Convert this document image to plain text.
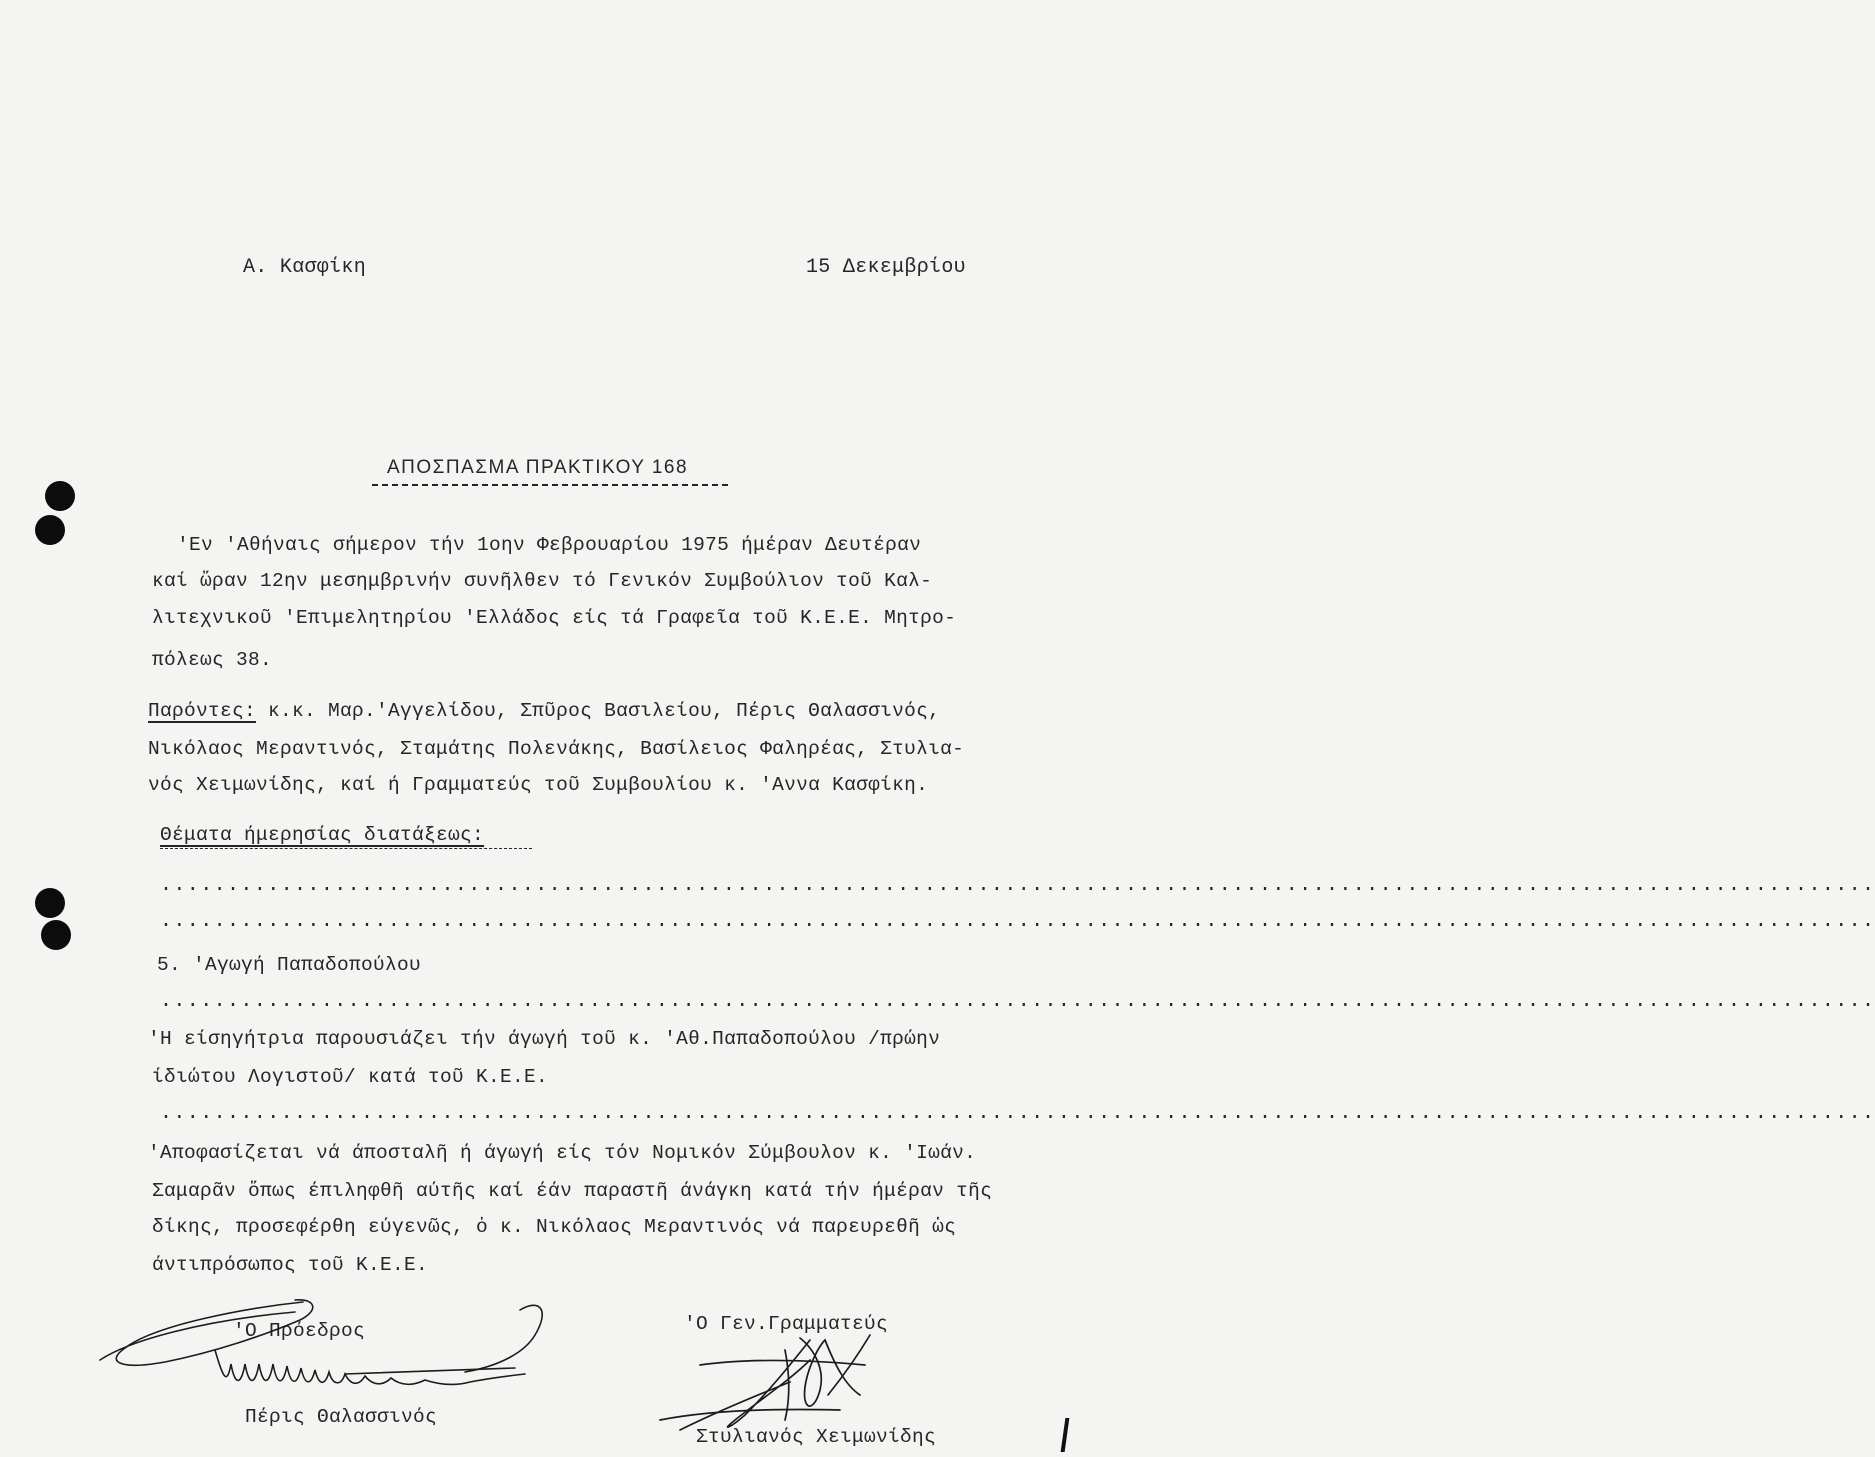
Α. Κασφίκη	15 Δεκεμβρίου
ΑΠΟΣΠΑΣΜΑ ΠΡΑΚΤΙΚΟΥ 168
'Εν 'Αθήναις σήμερον τήν 1οην Φεβρουαρίου 1975 ήμέραν Δευτέραν
καί ὥραν 12ην μεσημβρινήν συνῆλθεν τό Γενικόν Συμβούλιον τοῦ Καλ-
λιτεχνικοῦ 'Επιμελητηρίου 'Ελλάδος είς τά Γραφεῖα τοῦ Κ.Ε.Ε. Μητρο-
πόλεως 38.
Παρόντες: κ.κ. Μαρ.'Αγγελίδου, Σπῦρος Βασιλείου, Πέρις Θαλασσινός,
Νικόλαος Μεραντινός, Σταμάτης Πολενάκης, Βασίλειος Φαληρέας, Στυλια-
νός Χειμωνίδης, καί ή Γραμματεύς τοῦ Συμβουλίου κ. 'Αννα Κασφίκη.
Θέματα ήμερησίας διατάξεως:
................................................................................................................................
................................................................................................................................
5. 'Αγωγή Παπαδοπούλου
................................................................................................................................
'Η είσηγήτρια παρουσιάζει τήν άγωγή τοῦ κ. 'Αθ.Παπαδοπούλου /πρώην
ίδιώτου Λογιστοῦ/ κατά τοῦ Κ.Ε.Ε.
................................................................................................................................
'Αποφασίζεται νά άποσταλῆ ή άγωγή είς τόν Νομικόν Σύμβουλον κ. 'Ιωάν.
Σαμαρᾶν ὅπως έπιληφθῆ αύτῆς καί έάν παραστῆ άνάγκη κατά τήν ήμέραν τῆς
δίκης, προσεφέρθη εύγενῶς, ὁ κ. Νικόλαος Μεραντινός νά παρευρεθῆ ὡς
άντιπρόσωπος τοῦ Κ.Ε.Ε.
'Ο Πρόεδρος	'Ο Γεν.Γραμματεύς
Πέρις Θαλασσινός
Στυλιανός Χειμωνίδης
